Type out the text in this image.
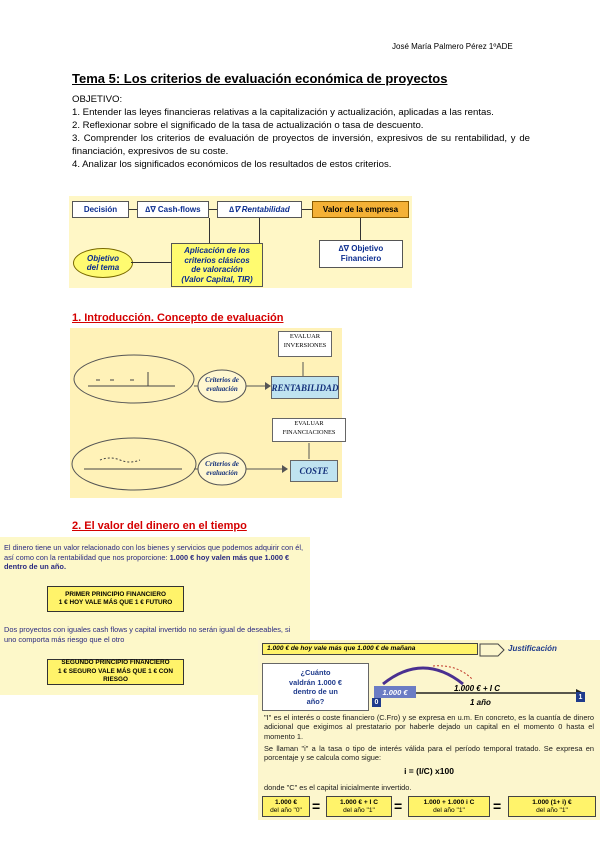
José María Palmero Pérez 1ºADE
Tema 5: Los criterios de evaluación económica de proyectos

OBJETIVO:

1. Entender las leyes financieras relativas a la capitalización y actualización, aplicadas a las rentas.

2. Reflexionar sobre el significado de la tasa de actualización o tasa de descuento.

3. Comprender los criterios de evaluación de proyectos de inversión, expresivos de su rentabilidad, y de financiación, expresivos de su coste.

4. Analizar los significados económicos de los resultados de estos criterios.

Decisión	∆∇ Cash-flows	∆∇ Rentabilidad	Valor de la empresa
Objetivo del tema
Aplicación de los
criterios clásicos
de valoración
(Valor Capital, TIR)
∆∇ Objetivo
Financiero
1. Introducción. Concepto de evaluación
EVALUAR
INVERSIONES
RENTABILIDAD
Criterios de
evaluación
EVALUAR
FINANCIACIONES
COSTE
Criterios de
evaluación
2. El valor del dinero en el tiempo
El dinero tiene un valor relacionado con los bienes y servicios que podemos adquirir con él, así como con la rentabilidad que nos proporcione: 1.000 € hoy valen más que 1.000 € dentro de un año.
PRIMER PRINCIPIO FINANCIERO
1 € HOY VALE MÁS QUE 1 € FUTURO
Dos proyectos con iguales cash flows y capital invertido no serán igual de deseables, si uno comporta más riesgo que el otro
SEGUNDO PRINCIPIO FINANCIERO
1 € SEGURO VALE MÁS QUE 1 € CON RIESGO
1.000 € de hoy vale más que 1.000 € de mañana	Justificación
¿Cuánto
valdrán 1.000 €
dentro de un
año?
1.000 €
0
1
1.000 € + I C
1 año
"I" es el interés o coste financiero (C.Fro) y se expresa en u.m. En concreto, es la cuantía de dinero adicional que exigimos al prestatario por haberle dejado un capital en el momento 0 hasta el momento 1.
Se llaman "i" a la tasa o tipo de interés válida para el período temporal tratado. Se expresa en porcentaje y se calcula como sigue:
i = (I/C) x100
donde "C" es el capital inicialmente invertido.
1.000 €
del año "0" =	1.000 € + I C
del año "1" =	1.000 + 1.000 i C
del año "1" =	1.000 (1+ i) €
del año "1"
